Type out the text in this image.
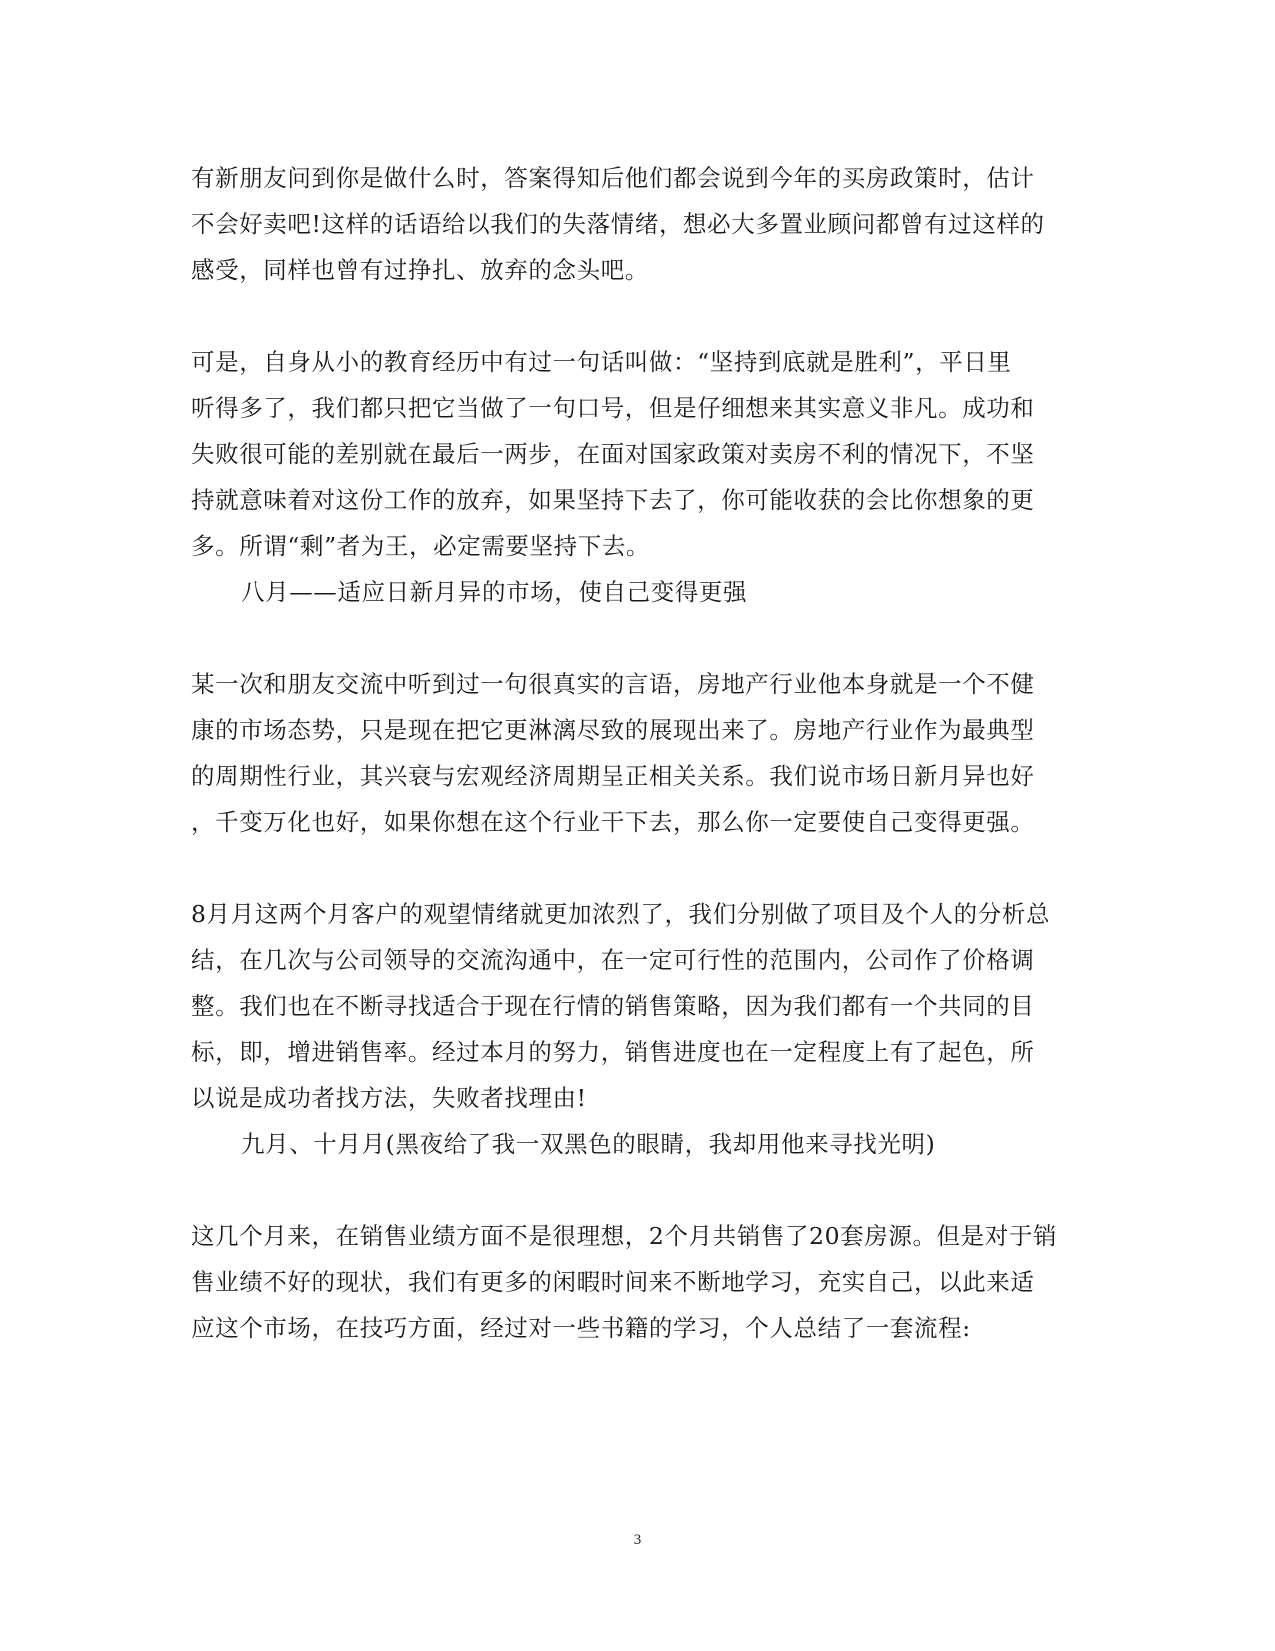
有新朋友问到你是做什么时，答案得知后他们都会说到今年的买房政策时，估计
不会好卖吧!这样的话语给以我们的失落情绪，想必大多置业顾问都曾有过这样的
感受，同样也曾有过挣扎、放弃的念头吧。
可是，自身从小的教育经历中有过一句话叫做：“坚持到底就是胜利”，平日里
听得多了，我们都只把它当做了一句口号，但是仔细想来其实意义非凡。成功和
失败很可能的差别就在最后一两步，在面对国家政策对卖房不利的情况下，不坚
持就意味着对这份工作的放弃，如果坚持下去了，你可能收获的会比你想象的更
多。所谓“剩”者为王，必定需要坚持下去。
八月——适应日新月异的市场，使自己变得更强
某一次和朋友交流中听到过一句很真实的言语，房地产行业他本身就是一个不健
康的市场态势，只是现在把它更淋漓尽致的展现出来了。房地产行业作为最典型
的周期性行业，其兴衰与宏观经济周期呈正相关关系。我们说市场日新月异也好
，千变万化也好，如果你想在这个行业干下去，那么你一定要使自己变得更强。
8月月这两个月客户的观望情绪就更加浓烈了，我们分别做了项目及个人的分析总
结，在几次与公司领导的交流沟通中，在一定可行性的范围内，公司作了价格调
整。我们也在不断寻找适合于现在行情的销售策略，因为我们都有一个共同的目
标，即，增进销售率。经过本月的努力，销售进度也在一定程度上有了起色，所
以说是成功者找方法，失败者找理由!
九月、十月月(黑夜给了我一双黑色的眼睛，我却用他来寻找光明)
这几个月来，在销售业绩方面不是很理想，2个月共销售了20套房源。但是对于销
售业绩不好的现状，我们有更多的闲暇时间来不断地学习，充实自己，以此来适
应这个市场，在技巧方面，经过对一些书籍的学习，个人总结了一套流程:
3
